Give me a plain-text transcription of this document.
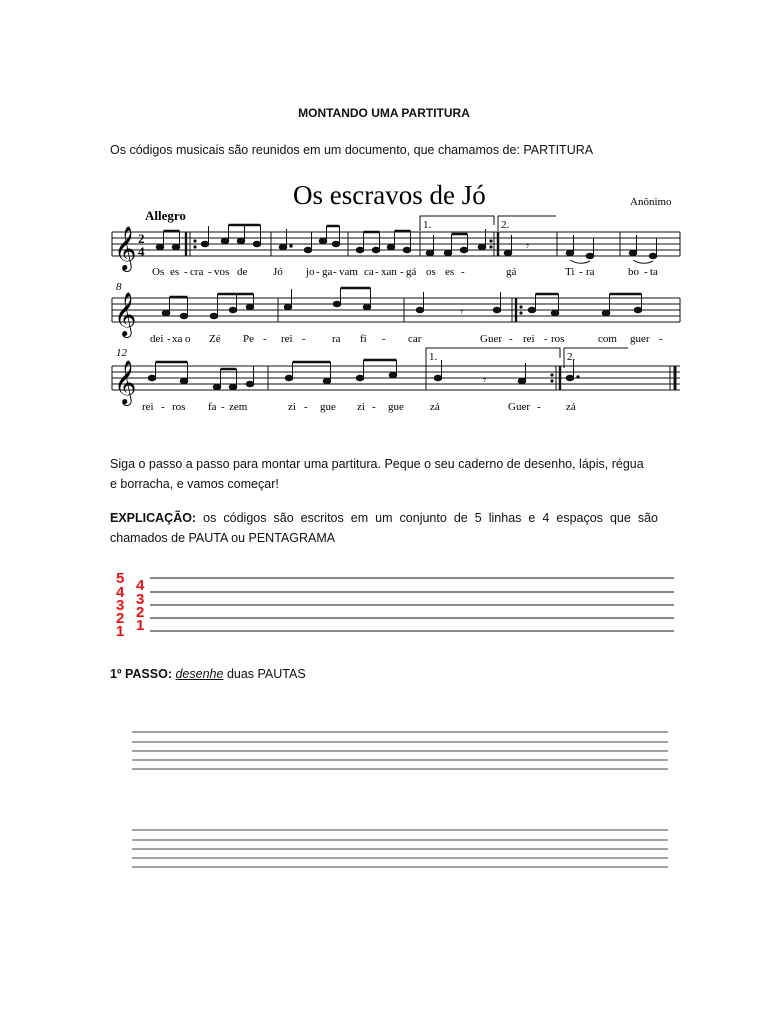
MONTANDO UMA PARTITURA
Os códigos musicais são reunidos em um documento, que chamamos de: PARTITURA
Os escravos de Jó	Anônimo
Allegro
1.	2.
𝄞 2
4	𝄾
Os es - cra - vos de Jó jo - ga - vam ca - xan - gá os es -	gá	Ti - ra	bo - ta
8
𝄞	𝄾
dei - xa o Zé Pe - rei - ra fi - car	Guer - rei - ros	com guer -
12	1.	2.
𝄞	𝄾
rei - ros fa - zem	zi - gue zi - gue zá	Guer - zá
Siga o passo a passo para montar uma partitura. Peque o seu caderno de desenho, lápis, régua
e borracha, e vamos começar!
EXPLICAÇÃO: os códigos são escritos em um conjunto de 5 linhas e 4 espaços que são
chamados de PAUTA ou PENTAGRAMA
5
4
3
2
1
4
3
2
1
1º PASSO: desenhe duas PAUTAS
